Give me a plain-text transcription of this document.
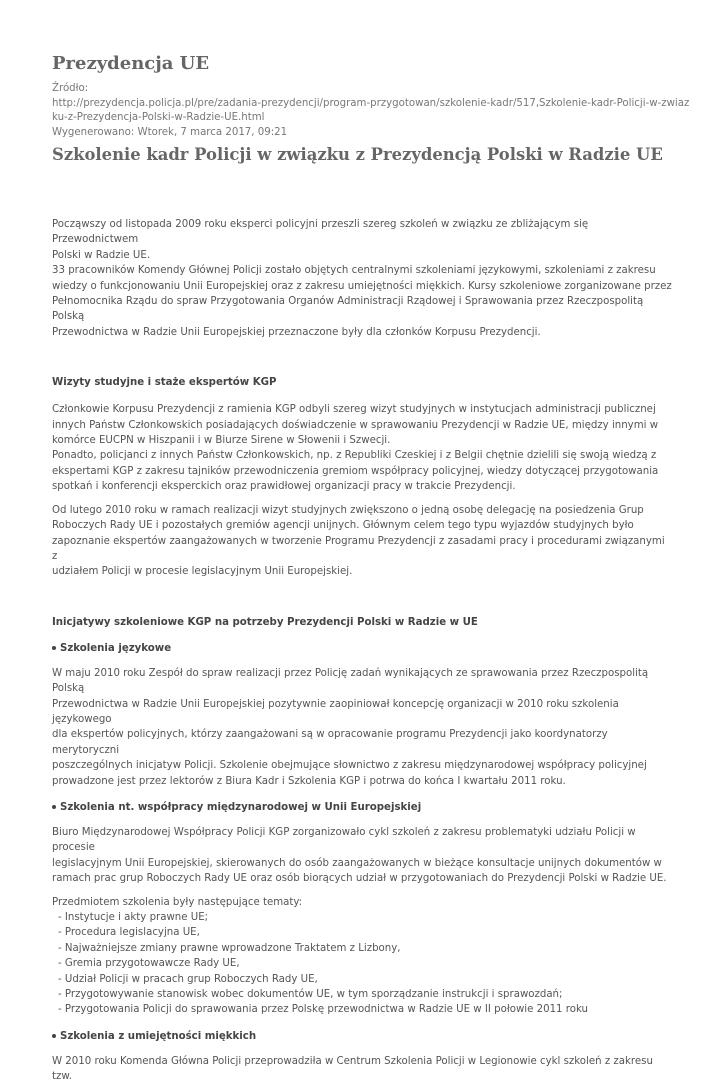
Prezydencja UE
Źródło:
http://prezydencja.policja.pl/pre/zadania-prezydencji/program-przygotowan/szkolenie-kadr/517,Szkolenie-kadr-Policji-w-zwiaz
ku-z-Prezydencja-Polski-w-Radzie-UE.html
Wygenerowano: Wtorek, 7 marca 2017, 09:21
Szkolenie kadr Policji w związku z Prezydencją Polski w Radzie UE

Począwszy od listopada 2009 roku eksperci policyjni przeszli szereg szkoleń w związku ze zbliżającym się Przewodnictwem
Polski w Radzie UE.
33 pracowników Komendy Głównej Policji zostało objętych centralnymi szkoleniami językowymi, szkoleniami z zakresu
wiedzy o funkcjonowaniu Unii Europejskiej oraz z zakresu umiejętności miękkich. Kursy szkoleniowe zorganizowane przez
Pełnomocnika Rządu do spraw Przygotowania Organów Administracji Rządowej i Sprawowania przez Rzeczpospolitą Polską
Przewodnictwa w Radzie Unii Europejskiej przeznaczone były dla członków Korpusu Prezydencji.

Wizyty studyjne i staże ekspertów KGP

Członkowie Korpusu Prezydencji z ramienia KGP odbyli szereg wizyt studyjnych w instytucjach administracji publicznej
innych Państw Członkowskich posiadających doświadczenie w sprawowaniu Prezydencji w Radzie UE, między innymi w
komórce EUCPN w Hiszpanii i w Biurze Sirene w Słowenii i Szwecji.
Ponadto, policjanci z innych Państw Członkowskich, np. z Republiki Czeskiej i z Belgii chętnie dzielili się swoją wiedzą z
ekspertami KGP z zakresu tajników przewodniczenia gremiom współpracy policyjnej, wiedzy dotyczącej przygotowania
spotkań i konferencji eksperckich oraz prawidłowej organizacji pracy w trakcie Prezydencji.

Od lutego 2010 roku w ramach realizacji wizyt studyjnych zwiększono o jedną osobę delegację na posiedzenia Grup
Roboczych Rady UE i pozostałych gremiów agencji unijnych. Głównym celem tego typu wyjazdów studyjnych było
zapoznanie ekspertów zaangażowanych w tworzenie Programu Prezydencji z zasadami pracy i procedurami związanymi z
udziałem Policji w procesie legislacyjnym Unii Europejskiej.

Inicjatywy szkoleniowe KGP na potrzeby Prezydencji Polski w Radzie w UE
Szkolenia językowe

W maju 2010 roku Zespół do spraw realizacji przez Policję zadań wynikających ze sprawowania przez Rzeczpospolitą Polską
Przewodnictwa w Radzie Unii Europejskiej pozytywnie zaopiniował koncepcję organizacji w 2010 roku szkolenia językowego
dla ekspertów policyjnych, którzy zaangażowani są w opracowanie programu Prezydencji jako koordynatorzy merytoryczni
poszczególnych inicjatyw Policji. Szkolenie obejmujące słownictwo z zakresu międzynarodowej współpracy policyjnej
prowadzone jest przez lektorów z Biura Kadr i Szkolenia KGP i potrwa do końca I kwartału 2011 roku.

Szkolenia nt. współpracy międzynarodowej w Unii Europejskiej

Biuro Międzynarodowej Współpracy Policji KGP zorganizowało cykl szkoleń z zakresu problematyki udziału Policji w procesie
legislacyjnym Unii Europejskiej, skierowanych do osób zaangażowanych w bieżące konsultacje unijnych dokumentów w
ramach prac grup Roboczych Rady UE oraz osób biorących udział w przygotowaniach do Prezydencji Polski w Radzie UE.

Przedmiotem szkolenia były następujące tematy:

- Instytucje i akty prawne UE;
- Procedura legislacyjna UE,
- Najważniejsze zmiany prawne wprowadzone Traktatem z Lizbony,
- Gremia przygotowawcze Rady UE,
- Udział Policji w pracach grup Roboczych Rady UE,
- Przygotowywanie stanowisk wobec dokumentów UE, w tym sporządzanie instrukcji i sprawozdań;
- Przygotowania Policji do sprawowania przez Polskę przewodnictwa w Radzie UE w II połowie 2011 roku
Szkolenia z umiejętności miękkich

W 2010 roku Komenda Główna Policji przeprowadziła w Centrum Szkolenia Policji w Legionowie cykl szkoleń z zakresu tzw.
